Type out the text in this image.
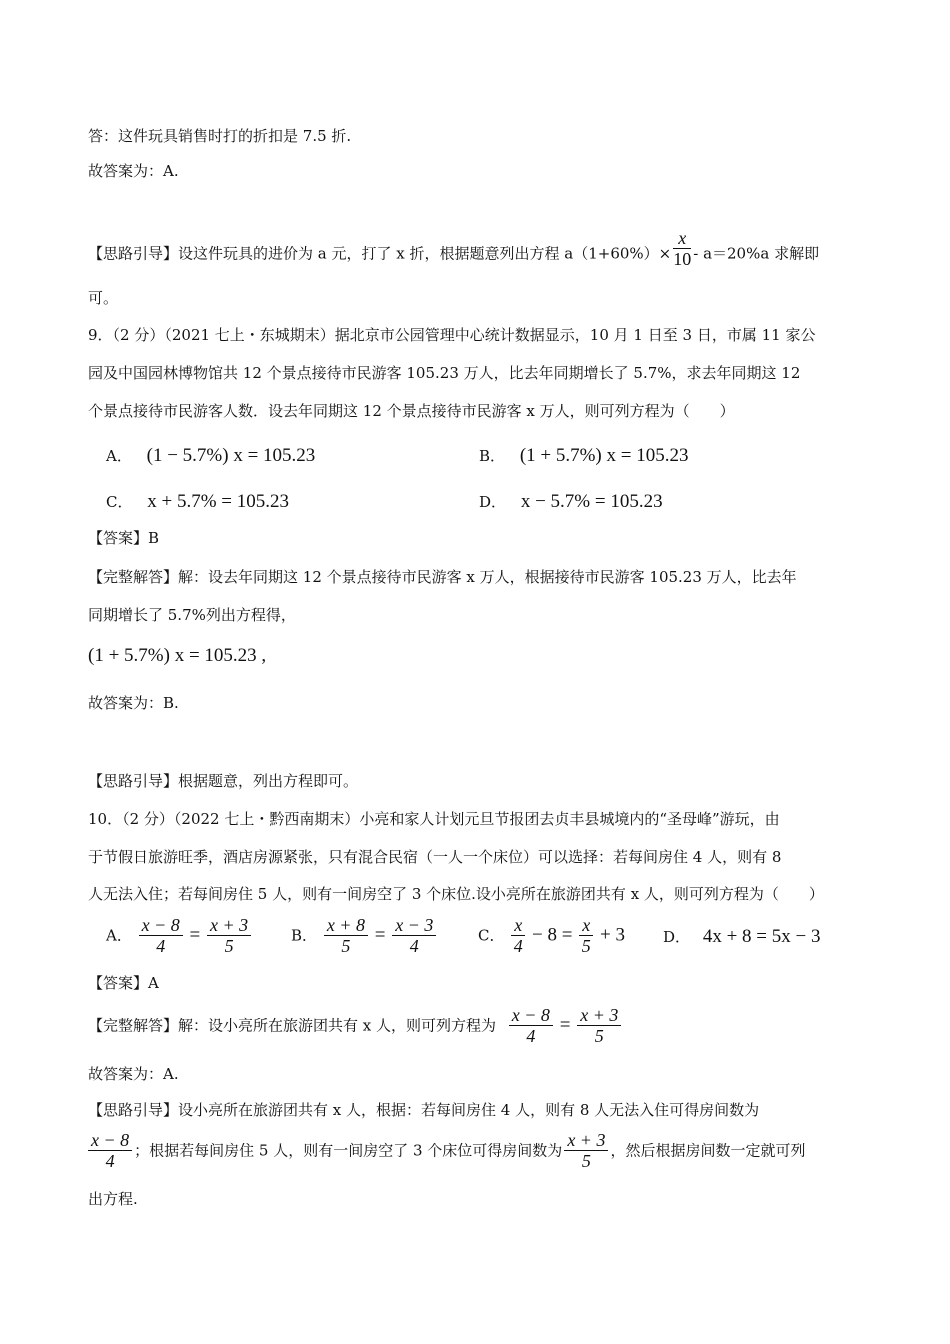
答：这件玩具销售时打的折扣是 7.5 折.
故答案为：A.
【思路引导】设这件玩具的进价为 a 元，打了 x 折，根据题意列出方程 $a(1+60\%)\times \frac{x}{10} - a=20\%a$ 求解即
可。
9．（2 分）（2021 七上・东城期末）据北京市公园管理中心统计数据显示，10 月 1 日至 3 日，市属 11 家公
园及中国园林博物馆共 12 个景点接待市民游客 105.23 万人，比去年同期增长了 5.7%，求去年同期这 12
个景点接待市民游客人数．设去年同期这 12 个景点接待市民游客 x 万人，则可列方程为（　　）
A． (1 − 5.7%) x = 105.23	B． (1 + 5.7%) x = 105.23
C． x + 5.7% = 105.23	D． x − 5.7% = 105.23
【答案】B
【完整解答】解：设去年同期这 12 个景点接待市民游客 x 万人，根据接待市民游客 105.23 万人，比去年
同期增长了 5.7%列出方程得，
(1 + 5.7%) x = 105.23 ,
故答案为：B.
【思路引导】根据题意，列出方程即可。
10．（2 分）（2022 七上・黔西南期末）小亮和家人计划元旦节报团去贞丰县城境内的“圣母峰”游玩，由
于节假日旅游旺季，酒店房源紧张，只有混合民宿（一人一个床位）可以选择：若每间房住 4 人，则有 8
人无法入住；若每间房住 5 人，则有一间房空了 3 个床位.设小亮所在旅游团共有 x 人，则可列方程为（　　）
A． $\frac{x - 8}{4} = \frac{x + 3}{5}$	B． $\frac{x + 8}{5} = \frac{x - 3}{4}$	C． $\frac{x}{4} - 8 = \frac{x}{5} + 3$	D． 4x + 8 = 5x − 3
【答案】A
【完整解答】解：设小亮所在旅游团共有 x 人，则可列方程为 $\frac{x - 8}{4} = \frac{x + 3}{5}$
故答案为：A.
【思路引导】设小亮所在旅游团共有 x 人，根据：若每间房住 4 人，则有 8 人无法入住可得房间数为
$\frac{x - 8}{4}$ ；根据若每间房住 5 人，则有一间房空了 3 个床位可得房间数为 $\frac{x + 3}{5}$ ，然后根据房间数一定就可列
出方程.
